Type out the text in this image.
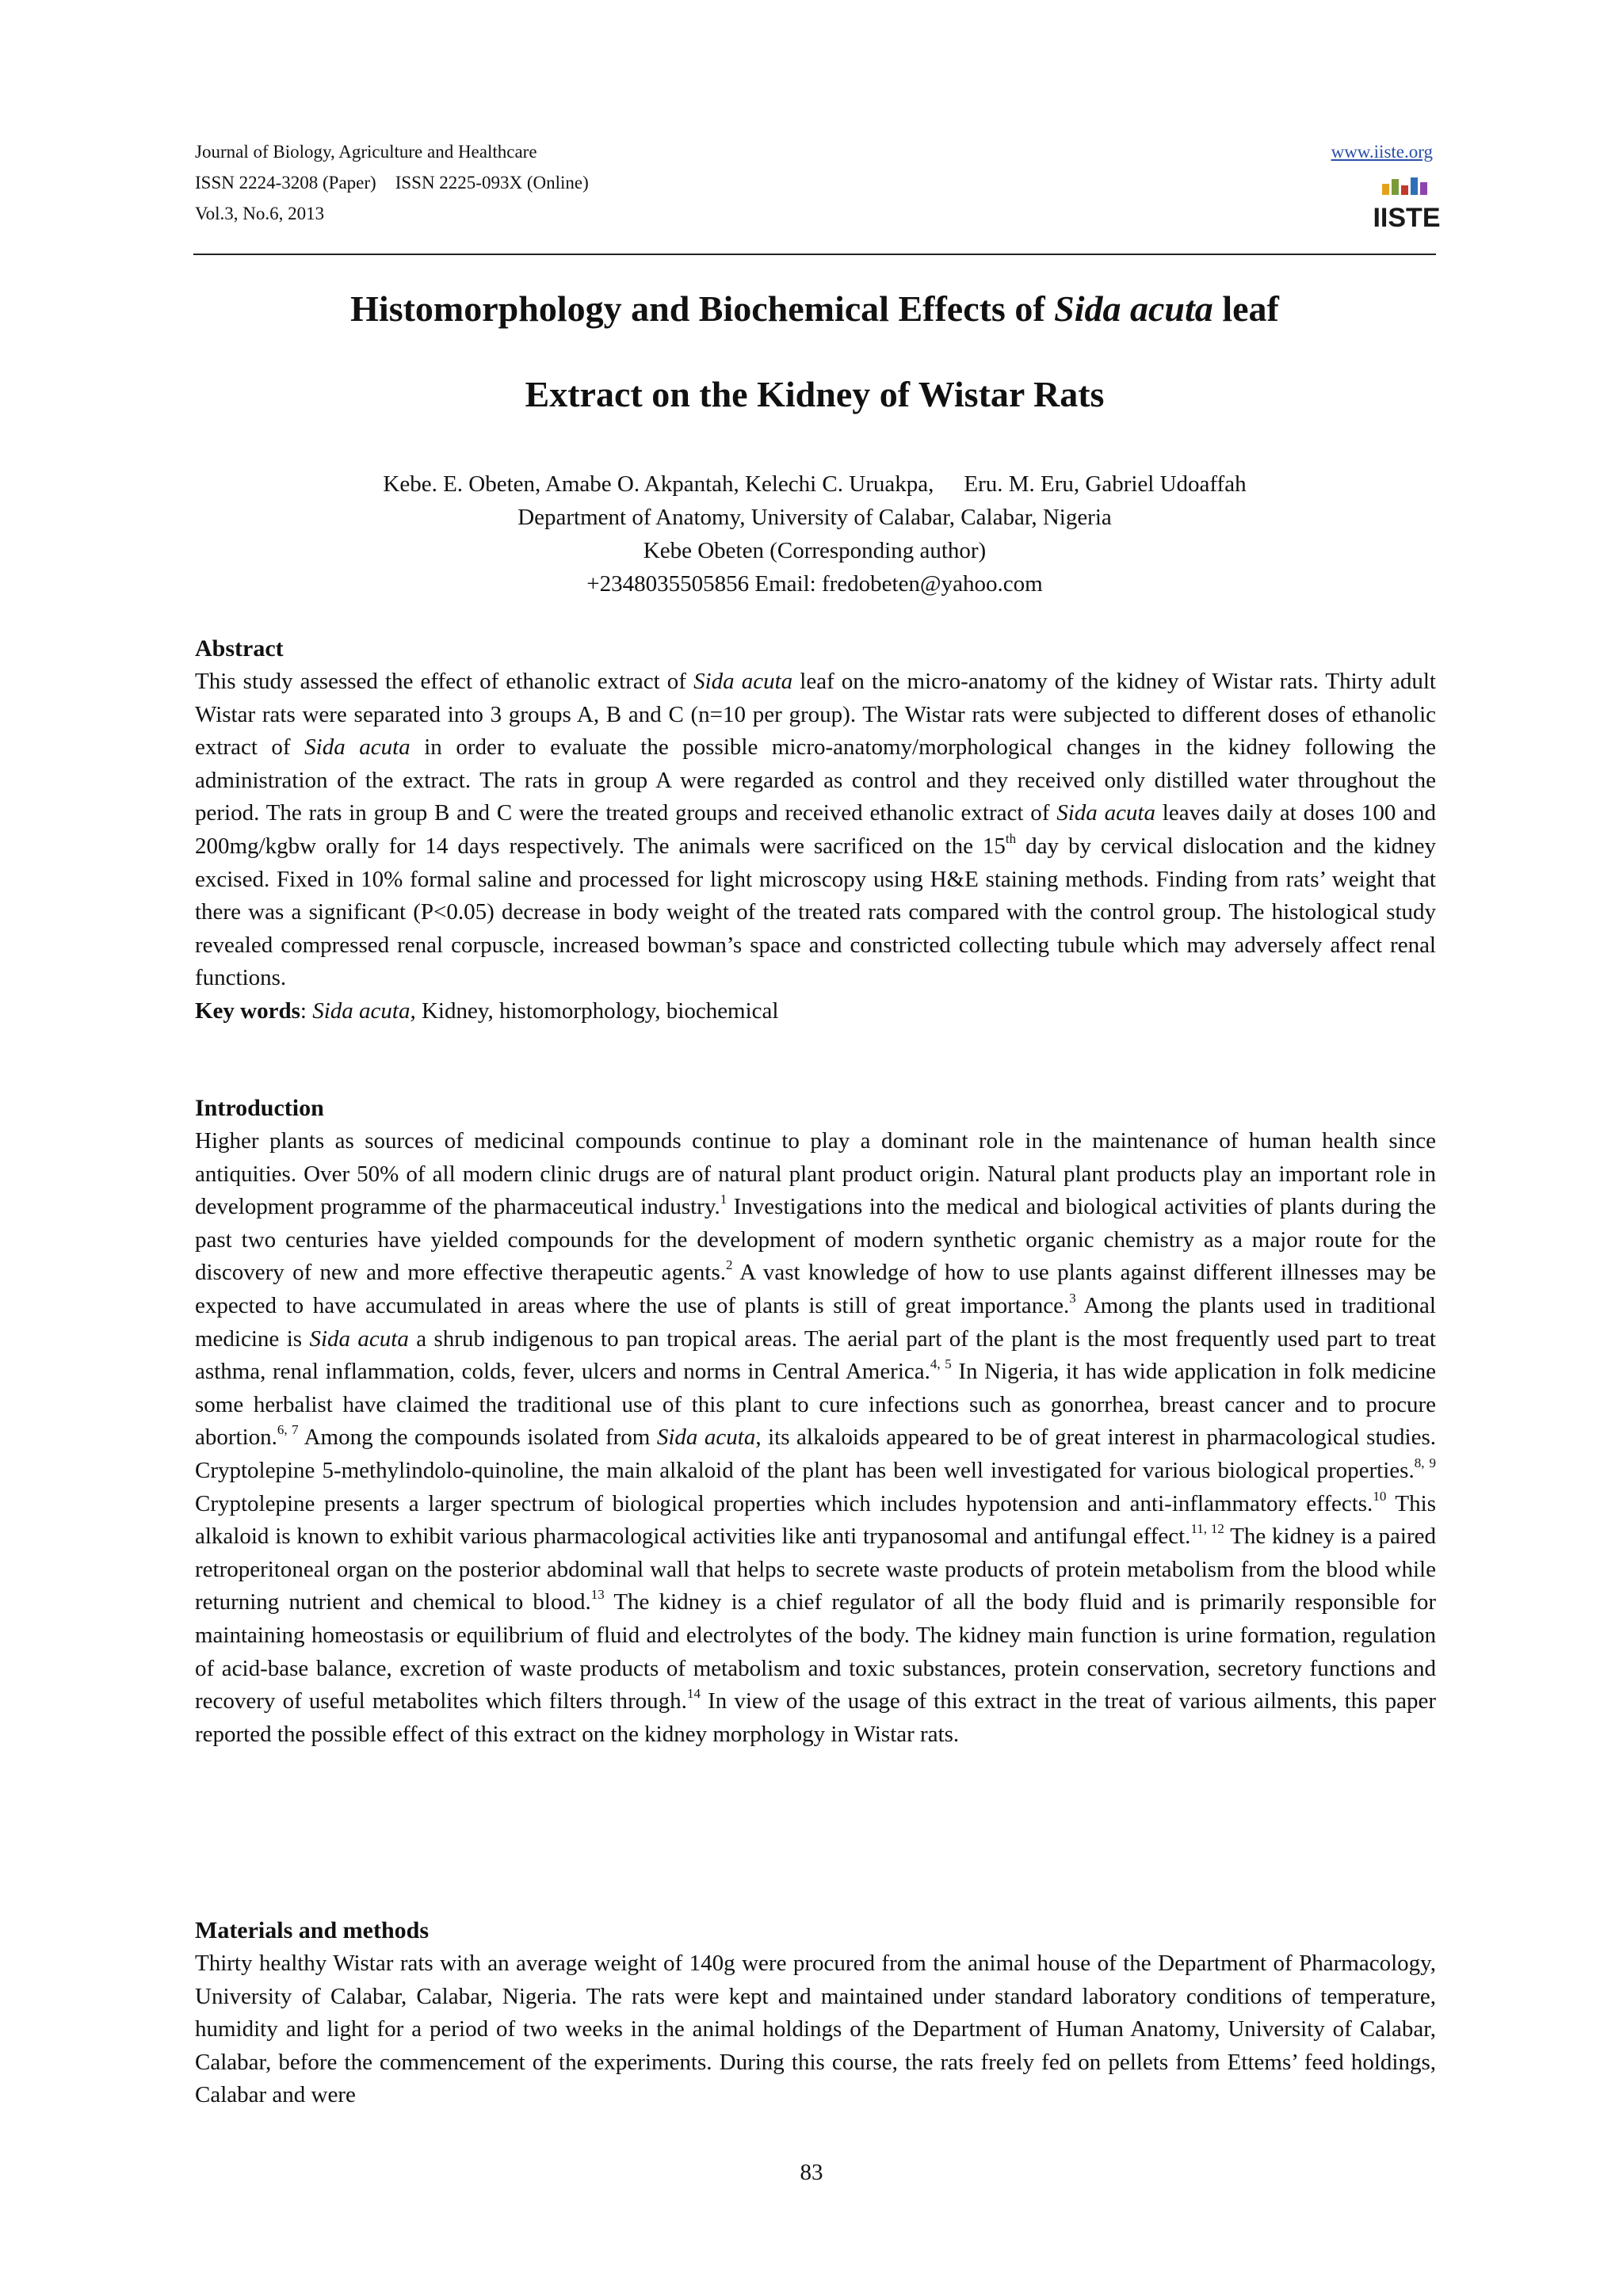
Journal of Biology, Agriculture and Healthcare
ISSN 2224-3208 (Paper) ISSN 2225-093X (Online)
Vol.3, No.6, 2013
www.iiste.org
IISTE
Histomorphology and Biochemical Effects of Sida acuta leaf
Extract on the Kidney of Wistar Rats
Kebe. E. Obeten, Amabe O. Akpantah, Kelechi C. Uruakpa, Eru. M. Eru, Gabriel Udoaffah
Department of Anatomy, University of Calabar, Calabar, Nigeria
Kebe Obeten (Corresponding author)
+2348035505856 Email: fredobeten@yahoo.com
Abstract

This study assessed the effect of ethanolic extract of Sida acuta leaf on the micro-anatomy of the kidney of Wistar rats. Thirty adult Wistar rats were separated into 3 groups A, B and C (n=10 per group). The Wistar rats were subjected to different doses of ethanolic extract of Sida acuta in order to evaluate the possible micro-anatomy/morphological changes in the kidney following the administration of the extract. The rats in group A were regarded as control and they received only distilled water throughout the period. The rats in group B and C were the treated groups and received ethanolic extract of Sida acuta leaves daily at doses 100 and 200mg/kgbw orally for 14 days respectively. The animals were sacrificed on the 15th day by cervical dislocation and the kidney excised. Fixed in 10% formal saline and processed for light microscopy using H&E staining methods. Finding from rats’ weight that there was a significant (P<0.05) decrease in body weight of the treated rats compared with the control group. The histological study revealed compressed renal corpuscle, increased bowman’s space and constricted collecting tubule which may adversely affect renal functions.

Key words: Sida acuta, Kidney, histomorphology, biochemical

Introduction

Higher plants as sources of medicinal compounds continue to play a dominant role in the maintenance of human health since antiquities. Over 50% of all modern clinic drugs are of natural plant product origin. Natural plant products play an important role in development programme of the pharmaceutical industry.$^1$ Investigations into the medical and biological activities of plants during the past two centuries have yielded compounds for the development of modern synthetic organic chemistry as a major route for the discovery of new and more effective therapeutic agents.$^2$ A vast knowledge of how to use plants against different illnesses may be expected to have accumulated in areas where the use of plants is still of great importance.$^3$ Among the plants used in traditional medicine is Sida acuta a shrub indigenous to pan tropical areas. The aerial part of the plant is the most frequently used part to treat asthma, renal inflammation, colds, fever, ulcers and norms in Central America.$^{4, 5}$ In Nigeria, it has wide application in folk medicine some herbalist have claimed the traditional use of this plant to cure infections such as gonorrhea, breast cancer and to procure abortion.$^{6, 7}$ Among the compounds isolated from Sida acuta, its alkaloids appeared to be of great interest in pharmacological studies. Cryptolepine 5-methylindolo-quinoline, the main alkaloid of the plant has been well investigated for various biological properties.$^{8, 9}$ Cryptolepine presents a larger spectrum of biological properties which includes hypotension and anti-inflammatory effects.$^{10}$ This alkaloid is known to exhibit various pharmacological activities like anti trypanosomal and antifungal effect.$^{11, 12}$ The kidney is a paired retroperitoneal organ on the posterior abdominal wall that helps to secrete waste products of protein metabolism from the blood while returning nutrient and chemical to blood.$^{13}$ The kidney is a chief regulator of all the body fluid and is primarily responsible for maintaining homeostasis or equilibrium of fluid and electrolytes of the body. The kidney main function is urine formation, regulation of acid-base balance, excretion of waste products of metabolism and toxic substances, protein conservation, secretory functions and recovery of useful metabolites which filters through.$^{14}$ In view of the usage of this extract in the treat of various ailments, this paper reported the possible effect of this extract on the kidney morphology in Wistar rats.

Materials and methods

Thirty healthy Wistar rats with an average weight of 140g were procured from the animal house of the Department of Pharmacology, University of Calabar, Calabar, Nigeria. The rats were kept and maintained under standard laboratory conditions of temperature, humidity and light for a period of two weeks in the animal holdings of the Department of Human Anatomy, University of Calabar, Calabar, before the commencement of the experiments. During this course, the rats freely fed on pellets from Ettems’ feed holdings, Calabar and were

83
